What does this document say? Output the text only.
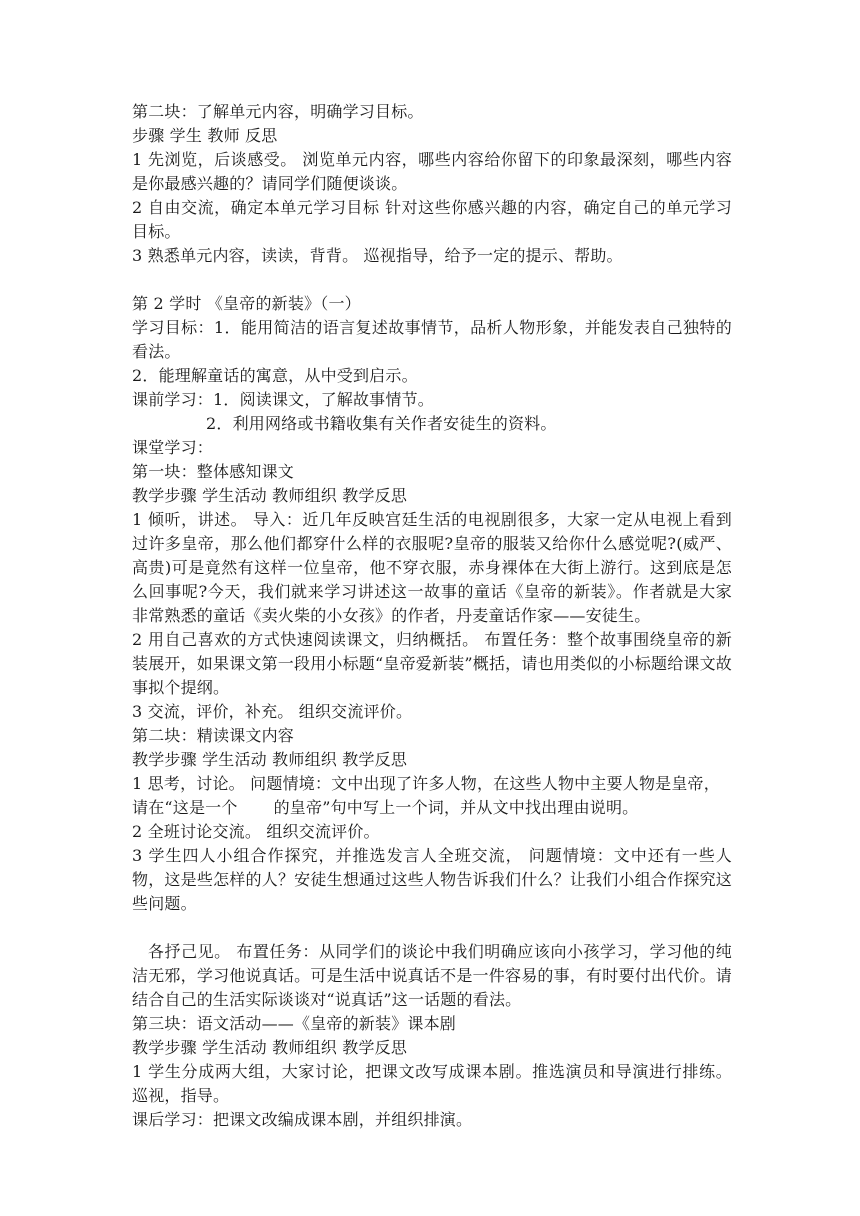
第二块：了解单元内容，明确学习目标。
步骤 学生 教师 反思
1 先浏览，后谈感受。 浏览单元内容，哪些内容给你留下的印象最深刻，哪些内容是你最感兴趣的？请同学们随便谈谈。
2 自由交流，确定本单元学习目标 针对这些你感兴趣的内容，确定自己的单元学习目标。
3 熟悉单元内容，读读，背背。 巡视指导，给予一定的提示、帮助。
第 2 学时 《皇帝的新装》（一）
学习目标：1．能用简洁的语言复述故事情节，品析人物形象，并能发表自己独特的看法。
2．能理解童话的寓意，从中受到启示。
课前学习：1．阅读课文，了解故事情节。
2．利用网络或书籍收集有关作者安徒生的资料。
课堂学习：
第一块：整体感知课文
教学步骤 学生活动 教师组织 教学反思
1 倾听，讲述。 导入：近几年反映宫廷生活的电视剧很多，大家一定从电视上看到过许多皇帝，那么他们都穿什么样的衣服呢?皇帝的服装又给你什么感觉呢?(威严、高贵)可是竟然有这样一位皇帝，他不穿衣服，赤身裸体在大街上游行。这到底是怎么回事呢?今天，我们就来学习讲述这一故事的童话《皇帝的新装》。作者就是大家非常熟悉的童话《卖火柴的小女孩》的作者，丹麦童话作家——安徒生。
2 用自己喜欢的方式快速阅读课文，归纳概括。 布置任务：整个故事围绕皇帝的新装展开，如果课文第一段用小标题“皇帝爱新装”概括，请也用类似的小标题给课文故事拟个提纲。
3 交流，评价，补充。 组织交流评价。
第二块：精读课文内容
教学步骤 学生活动 教师组织 教学反思
1 思考，讨论。 问题情境：文中出现了许多人物，在这些人物中主要人物是皇帝，
请在“这是一个 的皇帝”句中写上一个词，并从文中找出理由说明。
2 全班讨论交流。 组织交流评价。
3 学生四人小组合作探究，并推选发言人全班交流， 问题情境：文中还有一些人物，这是些怎样的人？安徒生想通过这些人物告诉我们什么？让我们小组合作探究这些问题。
各抒己见。 布置任务：从同学们的谈论中我们明确应该向小孩学习，学习他的纯洁无邪，学习他说真话。可是生活中说真话不是一件容易的事，有时要付出代价。请结合自己的生活实际谈谈对“说真话”这一话题的看法。
第三块：语文活动——《皇帝的新装》课本剧
教学步骤 学生活动 教师组织 教学反思
1 学生分成两大组，大家讨论，把课文改写成课本剧。推选演员和导演进行排练。 巡视，指导。
课后学习：把课文改编成课本剧，并组织排演。
